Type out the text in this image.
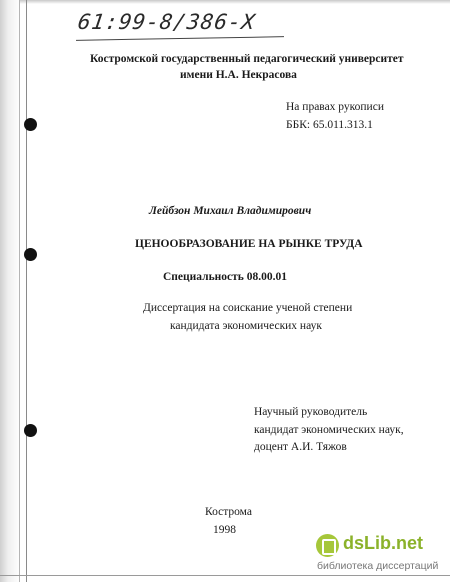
61:99-8/386-X
Костромской государственный педагогический университет
имени Н.А. Некрасова
На правах рукописи
ББК: 65.011.313.1
Лейбзон Михаил Владимирович
ЦЕНООБРАЗОВАНИЕ НА РЫНКЕ ТРУДА
Специальность 08.00.01
Диссертация на соискание ученой степени
кандидата экономических наук
Научный руководитель
кандидат экономических наук,
доцент А.И. Тяжов
Кострома
1998
dsLib.net
библиотека диссертаций
